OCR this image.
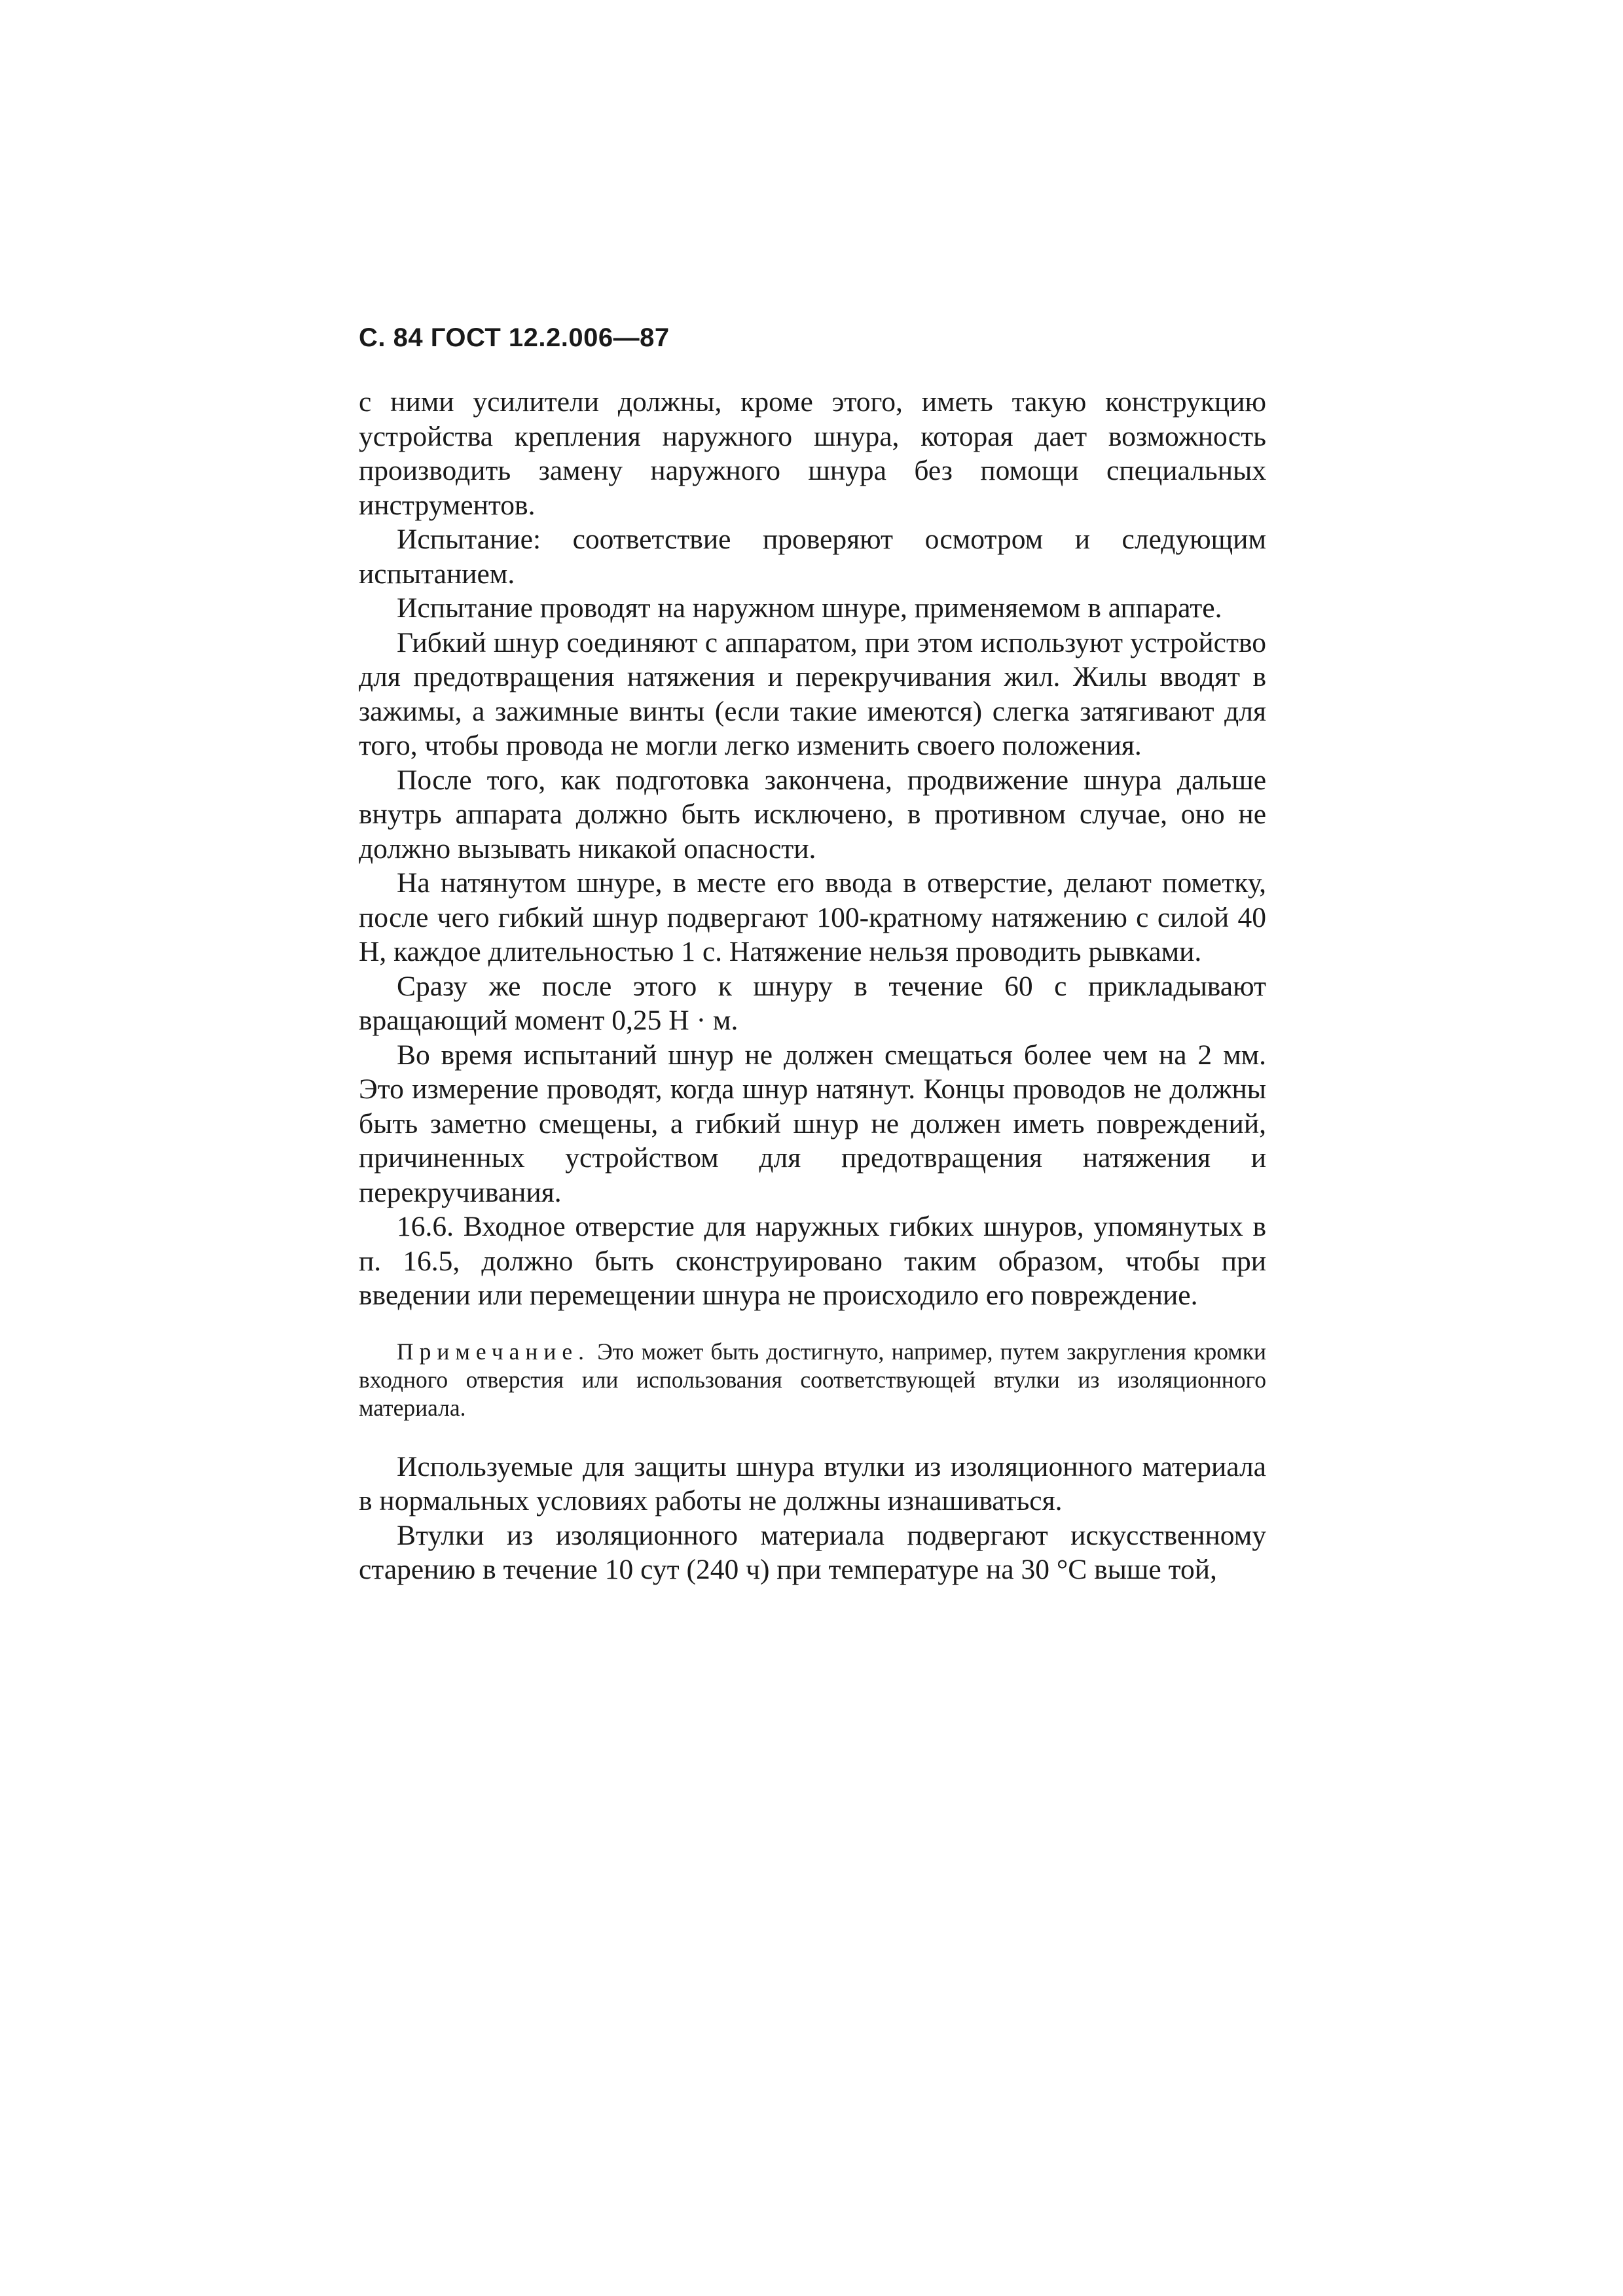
С. 84 ГОСТ 12.2.006—87

с ними усилители должны, кроме этого, иметь такую конструкцию устройства крепления наружного шнура, которая дает возможность производить замену наружного шнура без помощи специальных инструментов.

Испытание: соответствие проверяют осмотром и следующим испытанием.

Испытание проводят на наружном шнуре, применяемом в аппарате.

Гибкий шнур соединяют с аппаратом, при этом используют устройство для предотвращения натяжения и перекручивания жил. Жилы вводят в зажимы, а зажимные винты (если такие имеются) слегка затягивают для того, чтобы провода не могли легко изменить своего положения.

После того, как подготовка закончена, продвижение шнура дальше внутрь аппарата должно быть исключено, в противном случае, оно не должно вызывать никакой опасности.

На натянутом шнуре, в месте его ввода в отверстие, делают пометку, после чего гибкий шнур подвергают 100-кратному натяжению с силой 40 Н, каждое длительностью 1 с. Натяжение нельзя проводить рывками.

Сразу же после этого к шнуру в течение 60 с прикладывают вращающий момент 0,25 Н · м.

Во время испытаний шнур не должен смещаться более чем на 2 мм. Это измерение проводят, когда шнур натянут. Концы проводов не должны быть заметно смещены, а гибкий шнур не должен иметь повреждений, причиненных устройством для предотвращения натяжения и перекручивания.

16.6. Входное отверстие для наружных гибких шнуров, упомянутых в п. 16.5, должно быть сконструировано таким образом, чтобы при введении или перемещении шнура не происходило его повреждение.

Примечание. Это может быть достигнуто, например, путем закругления кромки входного отверстия или использования соответствующей втулки из изоляционного материала.

Используемые для защиты шнура втулки из изоляционного материала в нормальных условиях работы не должны изнашиваться.

Втулки из изоляционного материала подвергают искусственному старению в течение 10 сут (240 ч) при температуре на 30 °С выше той,
